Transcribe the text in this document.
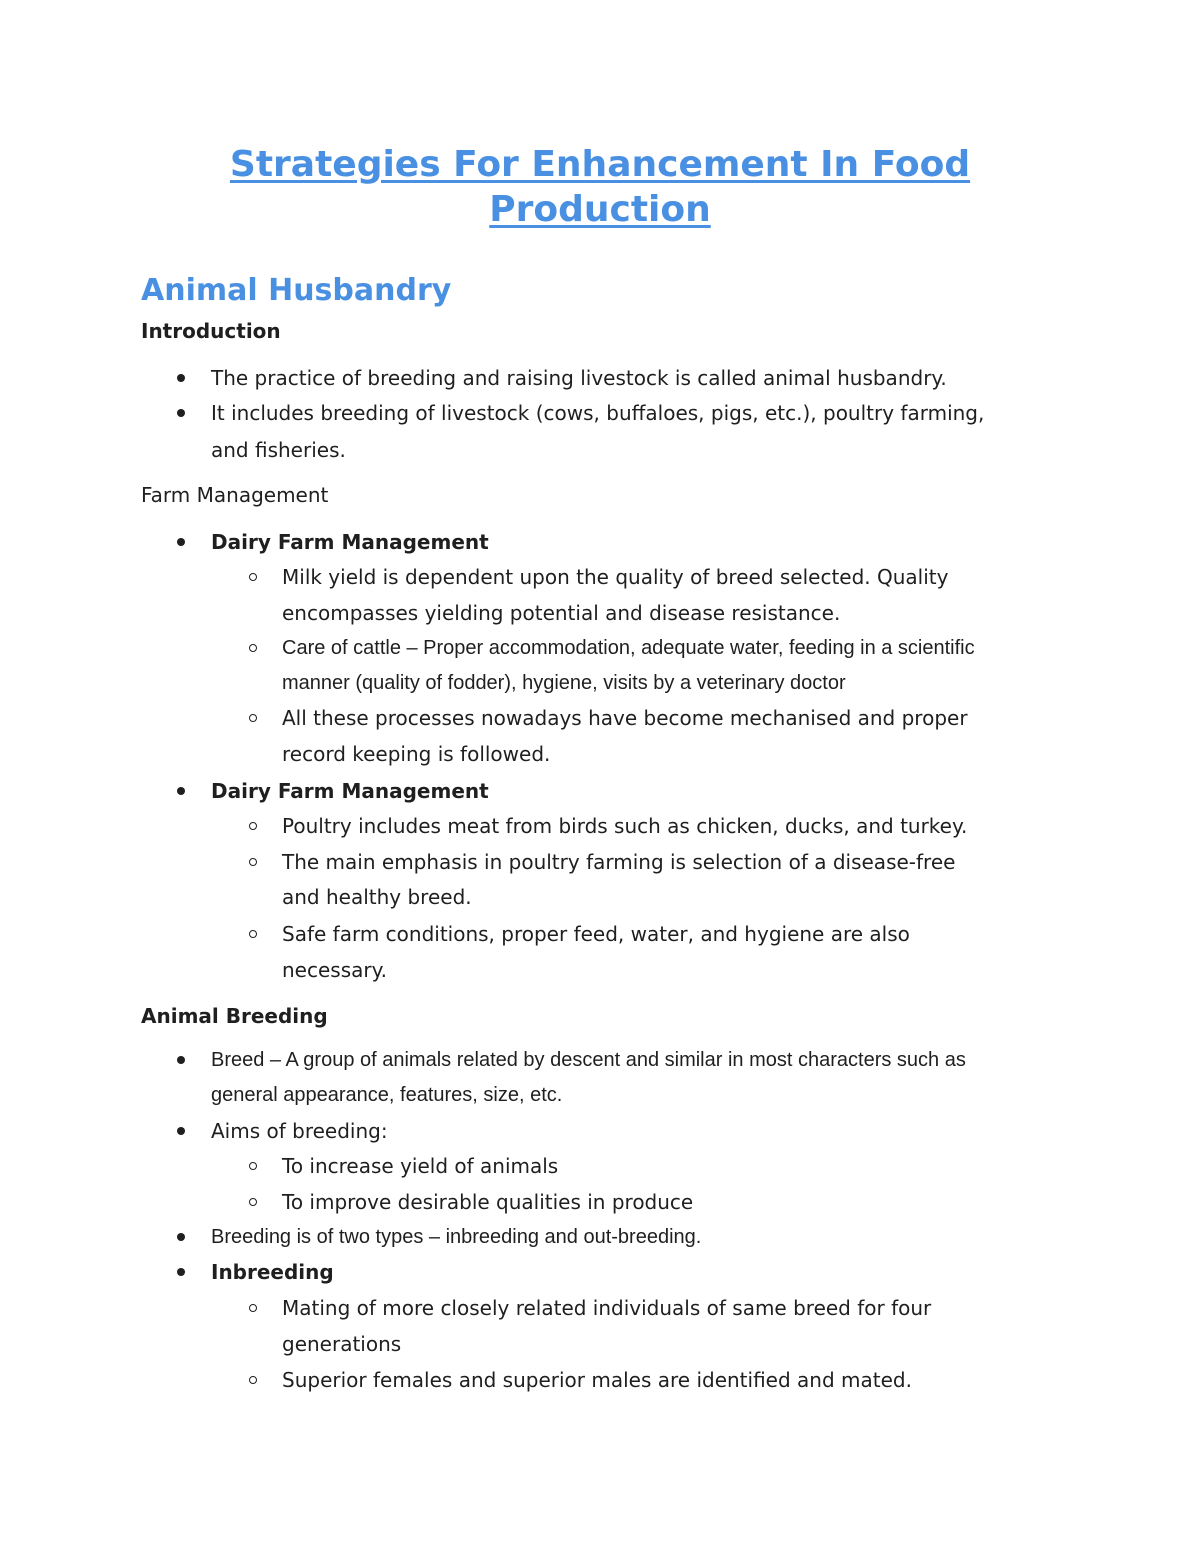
Strategies For Enhancement In Food
Production
Animal Husbandry

Introduction

The practice of breeding and raising livestock is called animal husbandry.

It includes breeding of livestock (cows, buffaloes, pigs, etc.), poultry farming,

and fisheries.

Farm Management

Dairy Farm Management

Milk yield is dependent upon the quality of breed selected. Quality

encompasses yielding potential and disease resistance.

Care of cattle – Proper accommodation, adequate water, feeding in a scientific

manner (quality of fodder), hygiene, visits by a veterinary doctor

All these processes nowadays have become mechanised and proper

record keeping is followed.

Dairy Farm Management

Poultry includes meat from birds such as chicken, ducks, and turkey.

The main emphasis in poultry farming is selection of a disease-free

and healthy breed.

Safe farm conditions, proper feed, water, and hygiene are also

necessary.

Animal Breeding

Breed – A group of animals related by descent and similar in most characters such as

general appearance, features, size, etc.

Aims of breeding:

To increase yield of animals

To improve desirable qualities in produce

Breeding is of two types – inbreeding and out-breeding.

Inbreeding

Mating of more closely related individuals of same breed for four

generations

Superior females and superior males are identified and mated.
